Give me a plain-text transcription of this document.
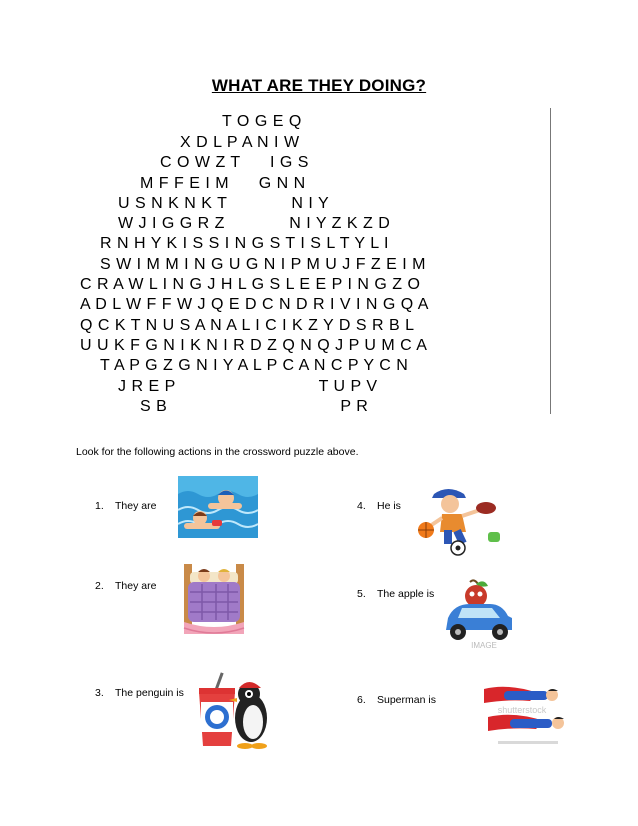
WHAT ARE THEY DOING?
T O G E Q
X D L P A N I W
C O W Z T      I G S
M F F E I M      G N N
U S N K N K T             N I Y
W J I G G R Z             N I Y Z K Z D
R N H Y K I S S I N G S T I S L T Y L I
S W I M M I N G U G N I P M U J F Z E I M
C R A W L I N G J H L G S L E E P I N G Z O
A D L W F F W J Q E D C N D R I V I N G Q A
Q C K T N U S A N A L I C I K Z Y D S R B L
U U K F G N I K N I R D Z Q N Q J P U M C A
T A P G Z G N I Y A L P C A N C P Y C N
J R E P                             T U P V
S B                                   P R
Look for the following actions in the crossword puzzle above.
1. They are
2. They are
3. The penguin is
4. He is
5. The apple is
6. Superman is
IMAGE
shutterstock
